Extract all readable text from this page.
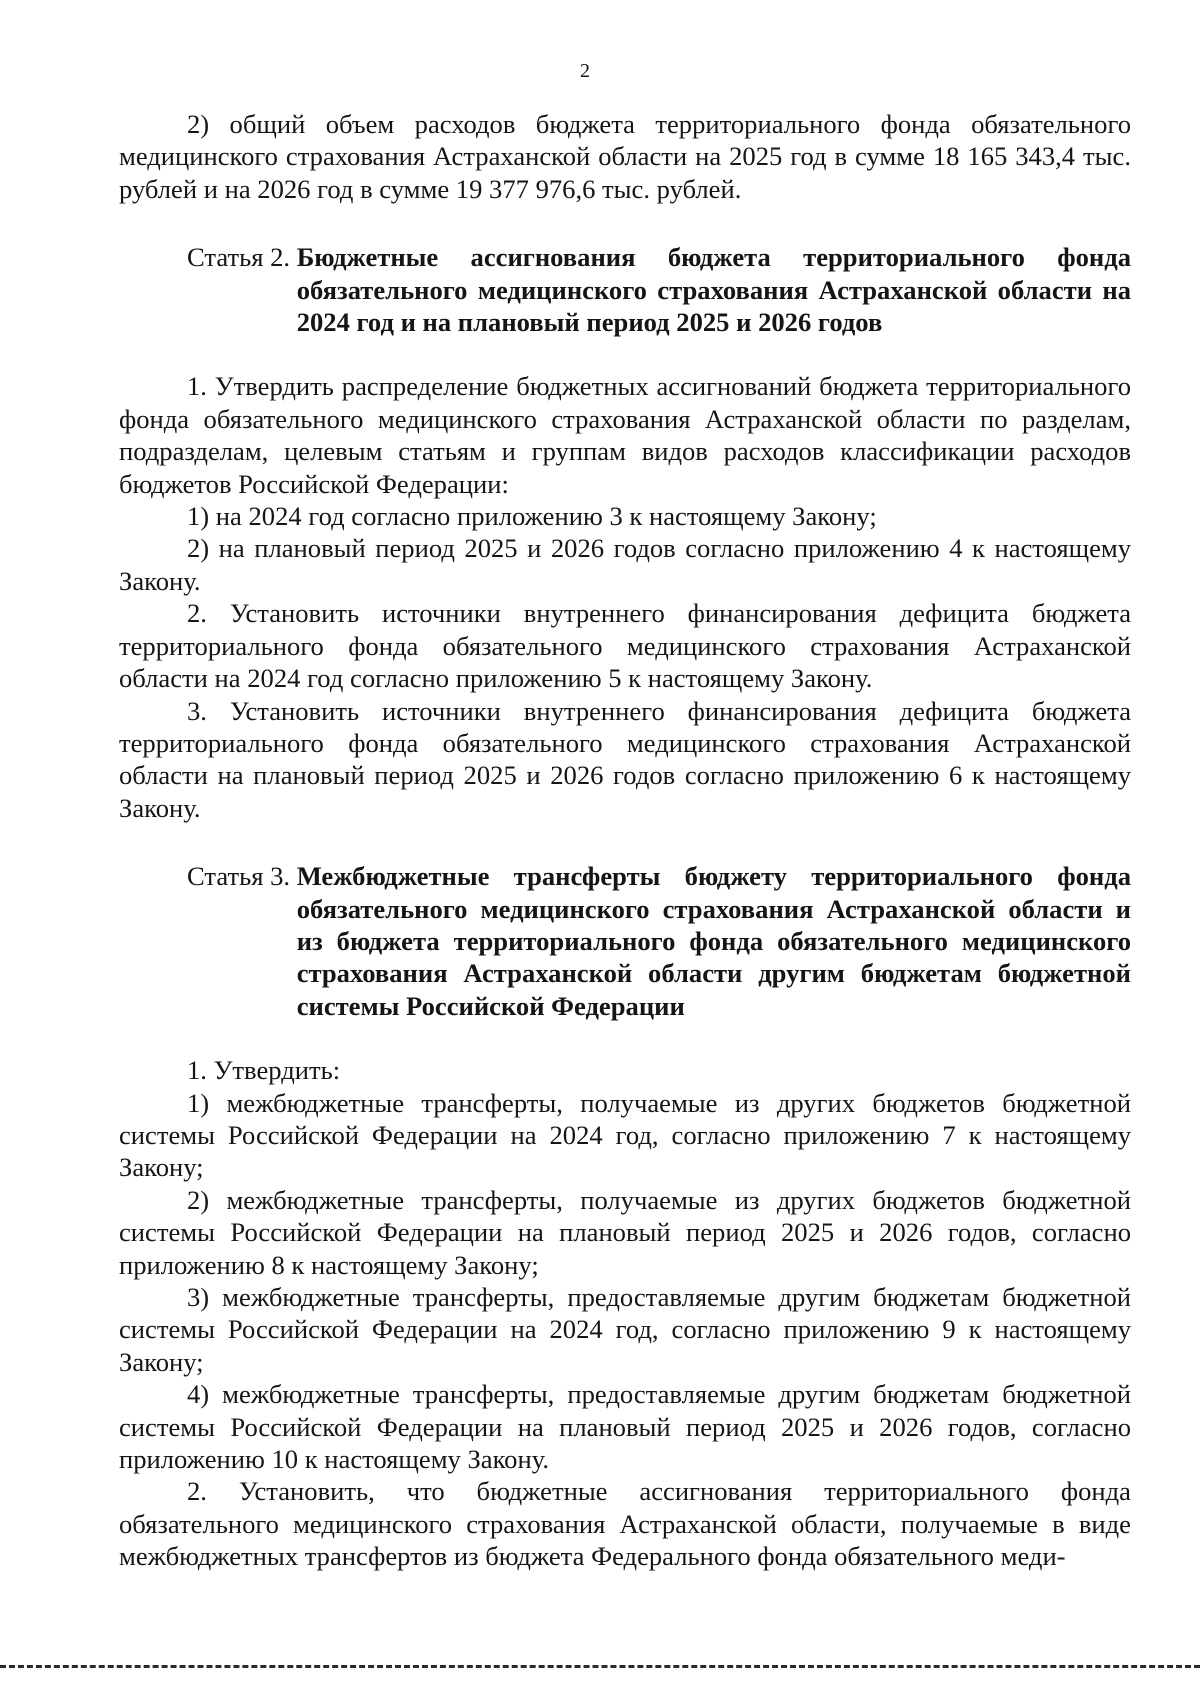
2

2) общий объем расходов бюджета территориального фонда обязательного медицинского страхования Астраханской области на 2025 год в сумме 18 165 343,4 тыс. рублей и на 2026 год в сумме 19 377 976,6 тыс. рублей.

Статья 2. Бюджетные ассигнования бюджета территориального фонда обязательного медицинского страхования Астраханской области на 2024 год и на плановый период 2025 и 2026 годов

1. Утвердить распределение бюджетных ассигнований бюджета территориального фонда обязательного медицинского страхования Астраханской области по разделам, подразделам, целевым статьям и группам видов расходов классификации расходов бюджетов Российской Федерации:

1) на 2024 год согласно приложению 3 к настоящему Закону;

2) на плановый период 2025 и 2026 годов согласно приложению 4 к настоящему Закону.

2. Установить источники внутреннего финансирования дефицита бюджета территориального фонда обязательного медицинского страхования Астраханской области на 2024 год согласно приложению 5 к настоящему Закону.

3. Установить источники внутреннего финансирования дефицита бюджета территориального фонда обязательного медицинского страхования Астраханской области на плановый период 2025 и 2026 годов согласно приложению 6 к настоящему Закону.

Статья 3. Межбюджетные трансферты бюджету территориального фонда обязательного медицинского страхования Астраханской области и из бюджета территориального фонда обязательного медицинского страхования Астраханской области другим бюджетам бюджетной системы Российской Федерации

1. Утвердить:

1) межбюджетные трансферты, получаемые из других бюджетов бюджетной системы Российской Федерации на 2024 год, согласно приложению 7 к настоящему Закону;

2) межбюджетные трансферты, получаемые из других бюджетов бюджетной системы Российской Федерации на плановый период 2025 и 2026 годов, согласно приложению 8 к настоящему Закону;

3) межбюджетные трансферты, предоставляемые другим бюджетам бюджетной системы Российской Федерации на 2024 год, согласно приложению 9 к настоящему Закону;

4) межбюджетные трансферты, предоставляемые другим бюджетам бюджетной системы Российской Федерации на плановый период 2025 и 2026 годов, согласно приложению 10 к настоящему Закону.

2. Установить, что бюджетные ассигнования территориального фонда обязательного медицинского страхования Астраханской области, получаемые в виде межбюджетных трансфертов из бюджета Федерального фонда обязательного меди-
